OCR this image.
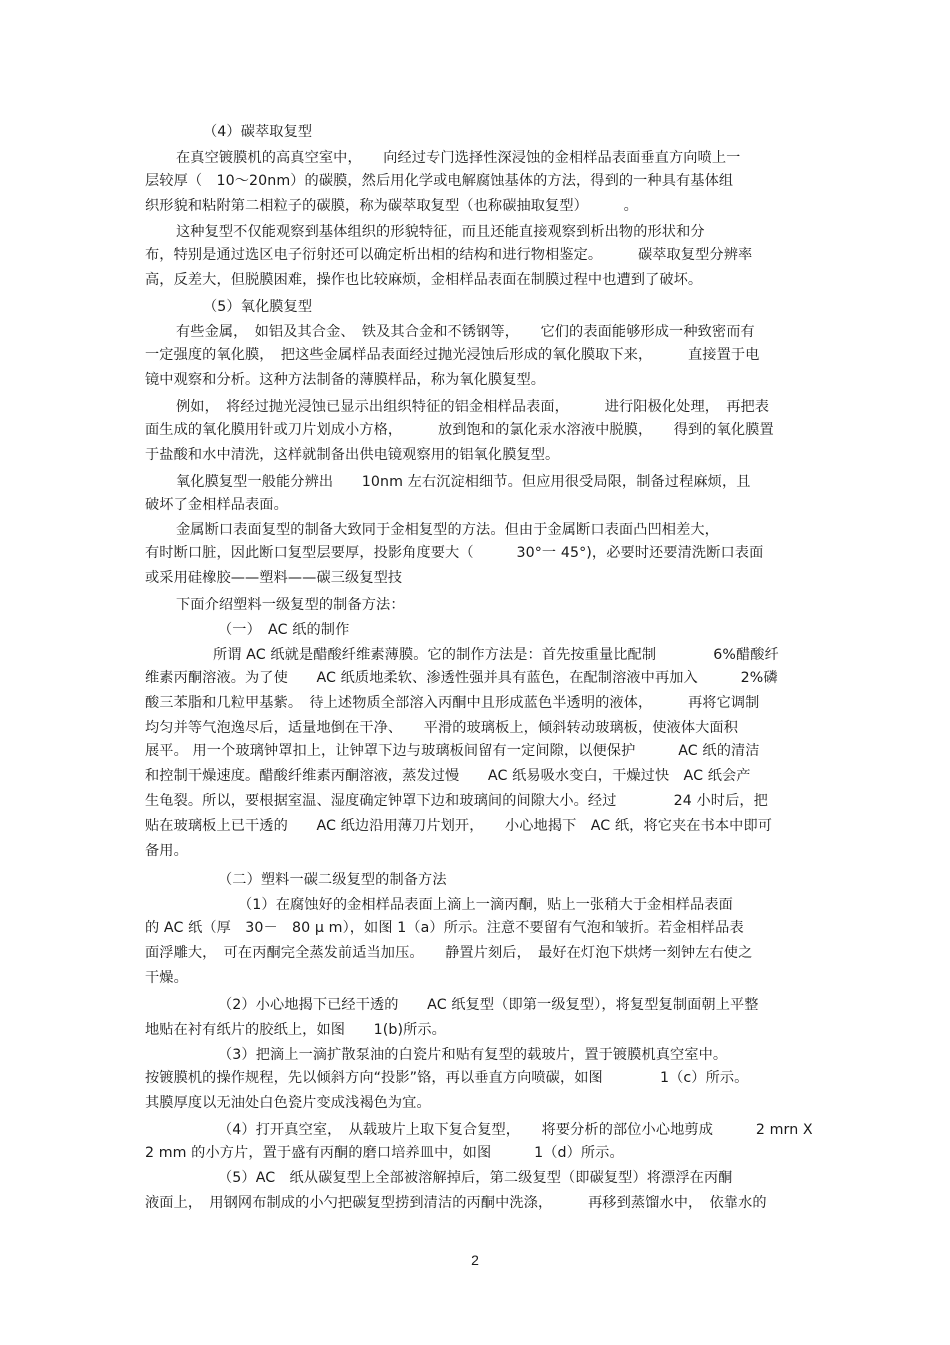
（4）碳萃取复型
在真空镀膜机的高真空室中，　　向经过专门选择性深浸蚀的金相样品表面垂直方向喷上一
层较厚（　10～20nm）的碳膜，然后用化学或电解腐蚀基体的方法，得到的一种具有基体组
织形貌和粘附第二相粒子的碳膜，称为碳萃取复型（也称碳抽取复型）　　　。
这种复型不仅能观察到基体组织的形貌特征，而且还能直接观察到析出物的形状和分
布，特别是通过选区电子衍射还可以确定析出相的结构和进行物相鉴定。　　　碳萃取复型分辨率
高，反差大，但脱膜困难，操作也比较麻烦，金相样品表面在制膜过程中也遭到了破坏。
（5）氧化膜复型
有些金属，　如铝及其合金、　铁及其合金和不锈钢等，　　它们的表面能够形成一种致密而有
一定强度的氧化膜，　把这些金属样品表面经过抛光浸蚀后形成的氧化膜取下来，　　　直接置于电
镜中观察和分析。这种方法制备的薄膜样品，称为氧化膜复型。
例如，　将经过抛光浸蚀已显示出组织特征的铝金相样品表面，　　　进行阳极化处理，　再把表
面生成的氧化膜用针或刀片划成小方格，　　　放到饱和的氯化汞水溶液中脱膜，　　得到的氧化膜置
于盐酸和水中清洗，这样就制备出供电镜观察用的铝氧化膜复型。
氧化膜复型一般能分辨出　　10nm 左右沉淀相细节。但应用很受局限，制备过程麻烦，且
破坏了金相样品表面。
金属断口表面复型的制备大致同于金相复型的方法。但由于金属断口表面凸凹相差大，
有时断口脏，因此断口复型层要厚，投影角度要大（　　　30°一 45°)，必要时还要清洗断口表面
或采用硅橡胶——塑料——碳三级复型技
下面介绍塑料一级复型的制备方法：
（一）　AC 纸的制作
所谓 AC 纸就是醋酸纤维素薄膜。它的制作方法是：首先按重量比配制　　　　6%醋酸纤
维素丙酮溶液。为了使　　AC 纸质地柔软、渗透性强并具有蓝色，在配制溶液中再加入　　　2%磷
酸三苯脂和几粒甲基紫。　待上述物质全部溶入丙酮中且形成蓝色半透明的液体，　　　再将它调制
均匀并等气泡逸尽后，适量地倒在干净、　　平滑的玻璃板上，倾斜转动玻璃板，使液体大面积
展平。 用一个玻璃钟罩扣上，让钟罩下边与玻璃板间留有一定间隙，以便保护　　　AC 纸的清洁
和控制干燥速度。醋酸纤维素丙酮溶液，蒸发过慢　　AC 纸易吸水变白，干燥过快　AC 纸会产
生龟裂。所以，要根据室温、湿度确定钟罩下边和玻璃间的间隙大小。经过　　　　24 小时后，把
贴在玻璃板上已干透的　　AC 纸边沿用薄刀片划开，　　小心地揭下　AC 纸，将它夹在书本中即可
备用。
（二）塑料一碳二级复型的制备方法
（1）在腐蚀好的金相样品表面上滴上一滴丙酮，贴上一张稍大于金相样品表面
的 AC 纸（厚　30－　80 μ m），如图 1（a）所示。注意不要留有气泡和皱折。若金相样品表
面浮雕大，　可在丙酮完全蒸发前适当加压。　　静置片刻后，　最好在灯泡下烘烤一刻钟左右使之
干燥。
（2）小心地揭下已经干透的　　AC 纸复型（即第一级复型），将复型复制面朝上平整
地贴在衬有纸片的胶纸上，如图　　1(b)所示。
（3）把滴上一滴扩散泵油的白瓷片和贴有复型的载玻片，置于镀膜机真空室中。
按镀膜机的操作规程，先以倾斜方向“投影”铬，再以垂直方向喷碳，如图　　　　1（c）所示。
其膜厚度以无油处白色瓷片变成浅褐色为宜。
（4）打开真空室，　从载玻片上取下复合复型，　　将要分析的部位小心地剪成　　　2 mrn X
2 mm 的小方片，置于盛有丙酮的磨口培养皿中，如图　　　1（d）所示。
（5）AC　纸从碳复型上全部被溶解掉后，第二级复型（即碳复型）将漂浮在丙酮
液面上，　用钢网布制成的小勺把碳复型捞到清洁的丙酮中洗涤，　　　再移到蒸馏水中，　依靠水的
2
